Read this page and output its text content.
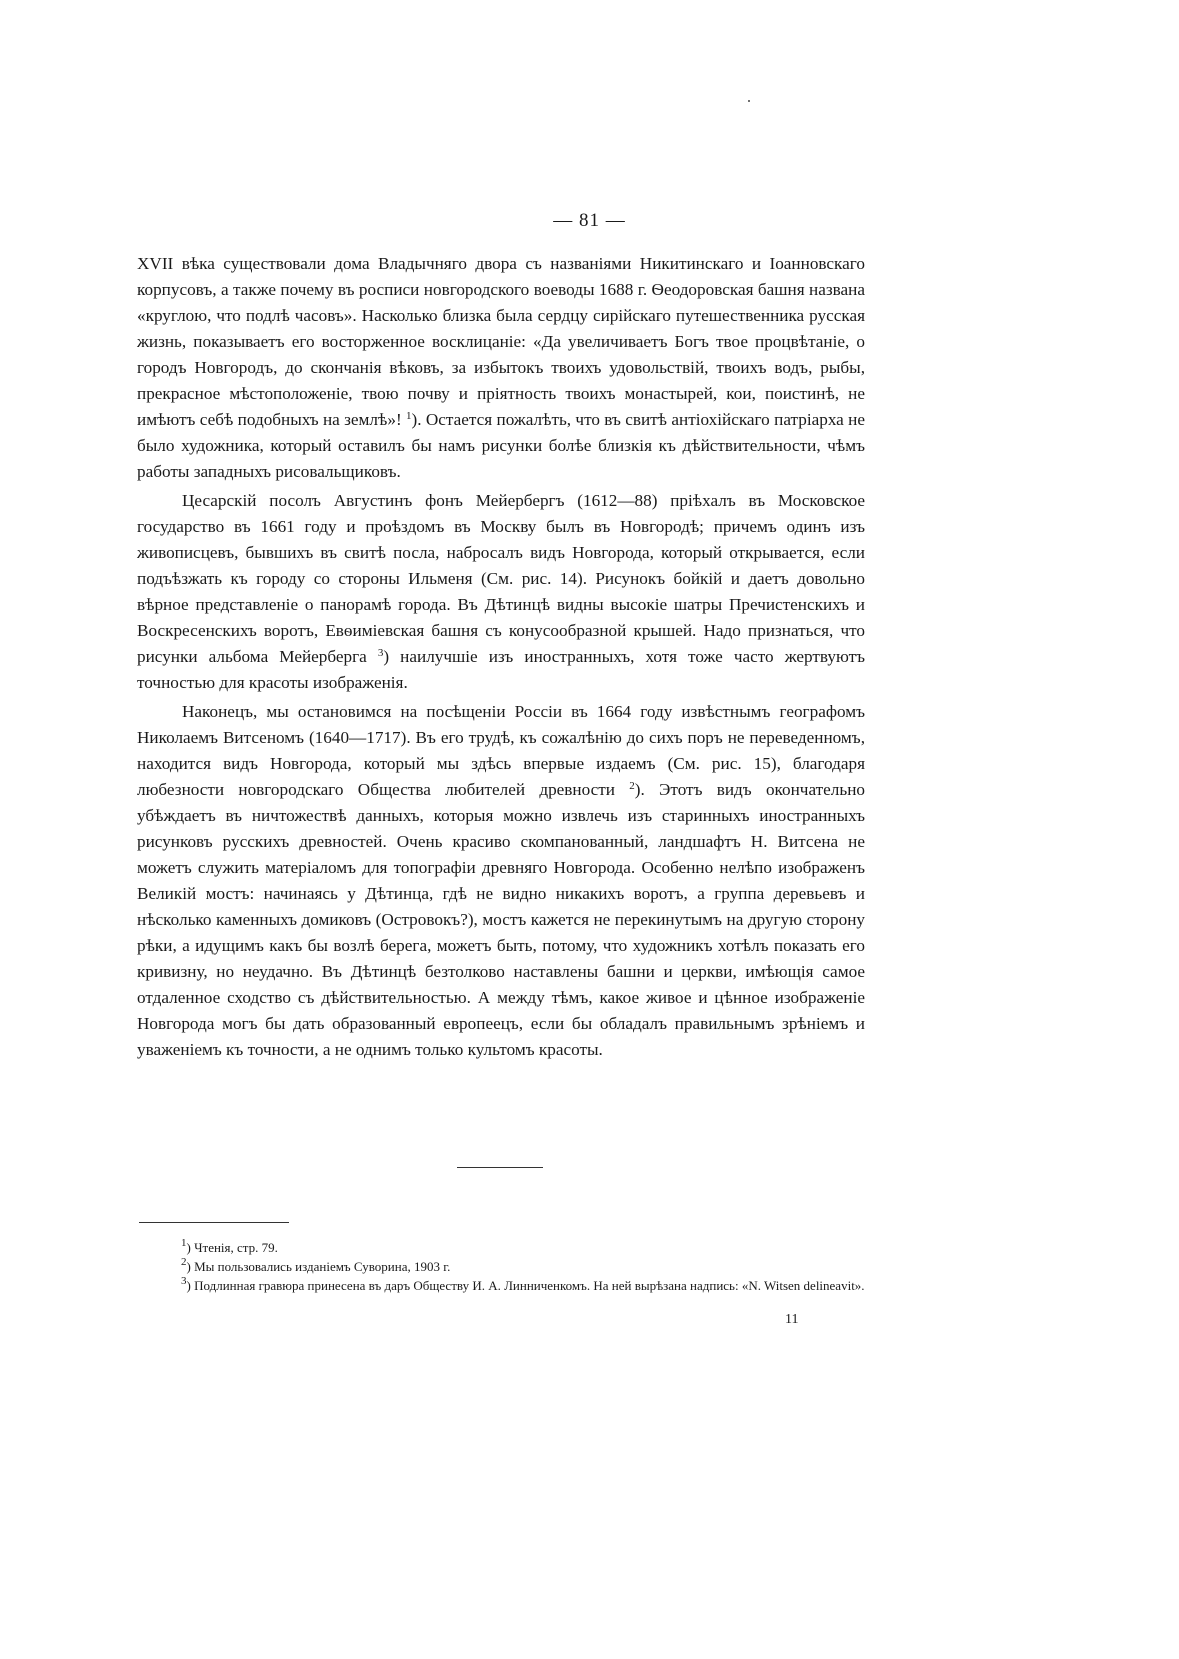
— 81 —

XVII вѣка существовали дома Владычняго двора съ названіями Никитинскаго и Іоанновскаго корпусовъ, а также почему въ росписи новгородского воеводы 1688 г. Ѳеодоровская башня названа «круглою, что подлѣ часовъ». Насколько близка была сердцу сирійскаго путешественника русская жизнь, показываетъ его восторженное восклицаніе: «Да увеличиваетъ Богъ твое процвѣтаніе, о городъ Новгородъ, до скончанія вѣковъ, за избытокъ твоихъ удовольствій, твоихъ водъ, рыбы, прекрасное мѣстоположеніе, твою почву и пріятность твоихъ монастырей, кои, поистинѣ, не имѣютъ себѣ подобныхъ на землѣ»! $^1$). Остается пожалѣть, что въ свитѣ антіохійскаго патріарха не было художника, который оставилъ бы намъ рисунки болѣе близкія къ дѣйствительности, чѣмъ работы западныхъ рисовальщиковъ.

Цесарскій посолъ Августинъ фонъ Мейербергъ (1612—88) пріѣхалъ въ Московское государство въ 1661 году и проѣздомъ въ Москву былъ въ Новгородѣ; причемъ одинъ изъ живописцевъ, бывшихъ въ свитѣ посла, набросалъ видъ Новгорода, который открывается, если подъѣзжать къ городу со стороны Ильменя (См. рис. 14). Рисунокъ бойкій и даетъ довольно вѣрное представленіе о панорамѣ города. Въ Дѣтинцѣ видны высокіе шатры Пречистенскихъ и Воскресенскихъ воротъ, Евѳиміевская башня съ конусообразной крышей. Надо признаться, что рисунки альбома Мейерберга $^3$) наилучшіе изъ иностранныхъ, хотя тоже часто жертвуютъ точностью для красоты изображенія.

Наконецъ, мы остановимся на посѣщеніи Россіи въ 1664 году извѣстнымъ географомъ Николаемъ Витсеномъ (1640—1717). Въ его трудѣ, къ сожалѣнію до сихъ поръ не переведенномъ, находится видъ Новгорода, который мы здѣсь впервые издаемъ (См. рис. 15), благодаря любезности новгородскаго Общества любителей древности $^2$). Этотъ видъ окончательно убѣждаетъ въ ничтожествѣ данныхъ, которыя можно извлечь изъ старинныхъ иностранныхъ рисунковъ русскихъ древностей. Очень красиво скомпанованный, ландшафтъ Н. Витсена не можетъ служить матеріаломъ для топографіи древняго Новгорода. Особенно нелѣпо изображенъ Великій мостъ: начинаясь у Дѣтинца, гдѣ не видно никакихъ воротъ, а группа деревьевъ и нѣсколько каменныхъ домиковъ (Островокъ?), мостъ кажется не перекинутымъ на другую сторону рѣки, а идущимъ какъ бы возлѣ берега, можетъ быть, потому, что художникъ хотѣлъ показать его кривизну, но неудачно. Въ Дѣтинцѣ безтолково наставлены башни и церкви, имѣющія самое отдаленное сходство съ дѣйствительностью. А между тѣмъ, какое живое и цѣнное изображеніе Новгорода могъ бы дать образованный европеецъ, если бы обладалъ правильнымъ зрѣніемъ и уваженіемъ къ точности, а не однимъ только культомъ красоты.

$^1$) Чтенія, стр. 79.

$^2$) Мы пользовались изданіемъ Суворина, 1903 г.

$^3$) Подлинная гравюра принесена въ даръ Обществу И. А. Линниченкомъ. На ней вырѣзана надпись: «N. Witsen delineavit».

11
